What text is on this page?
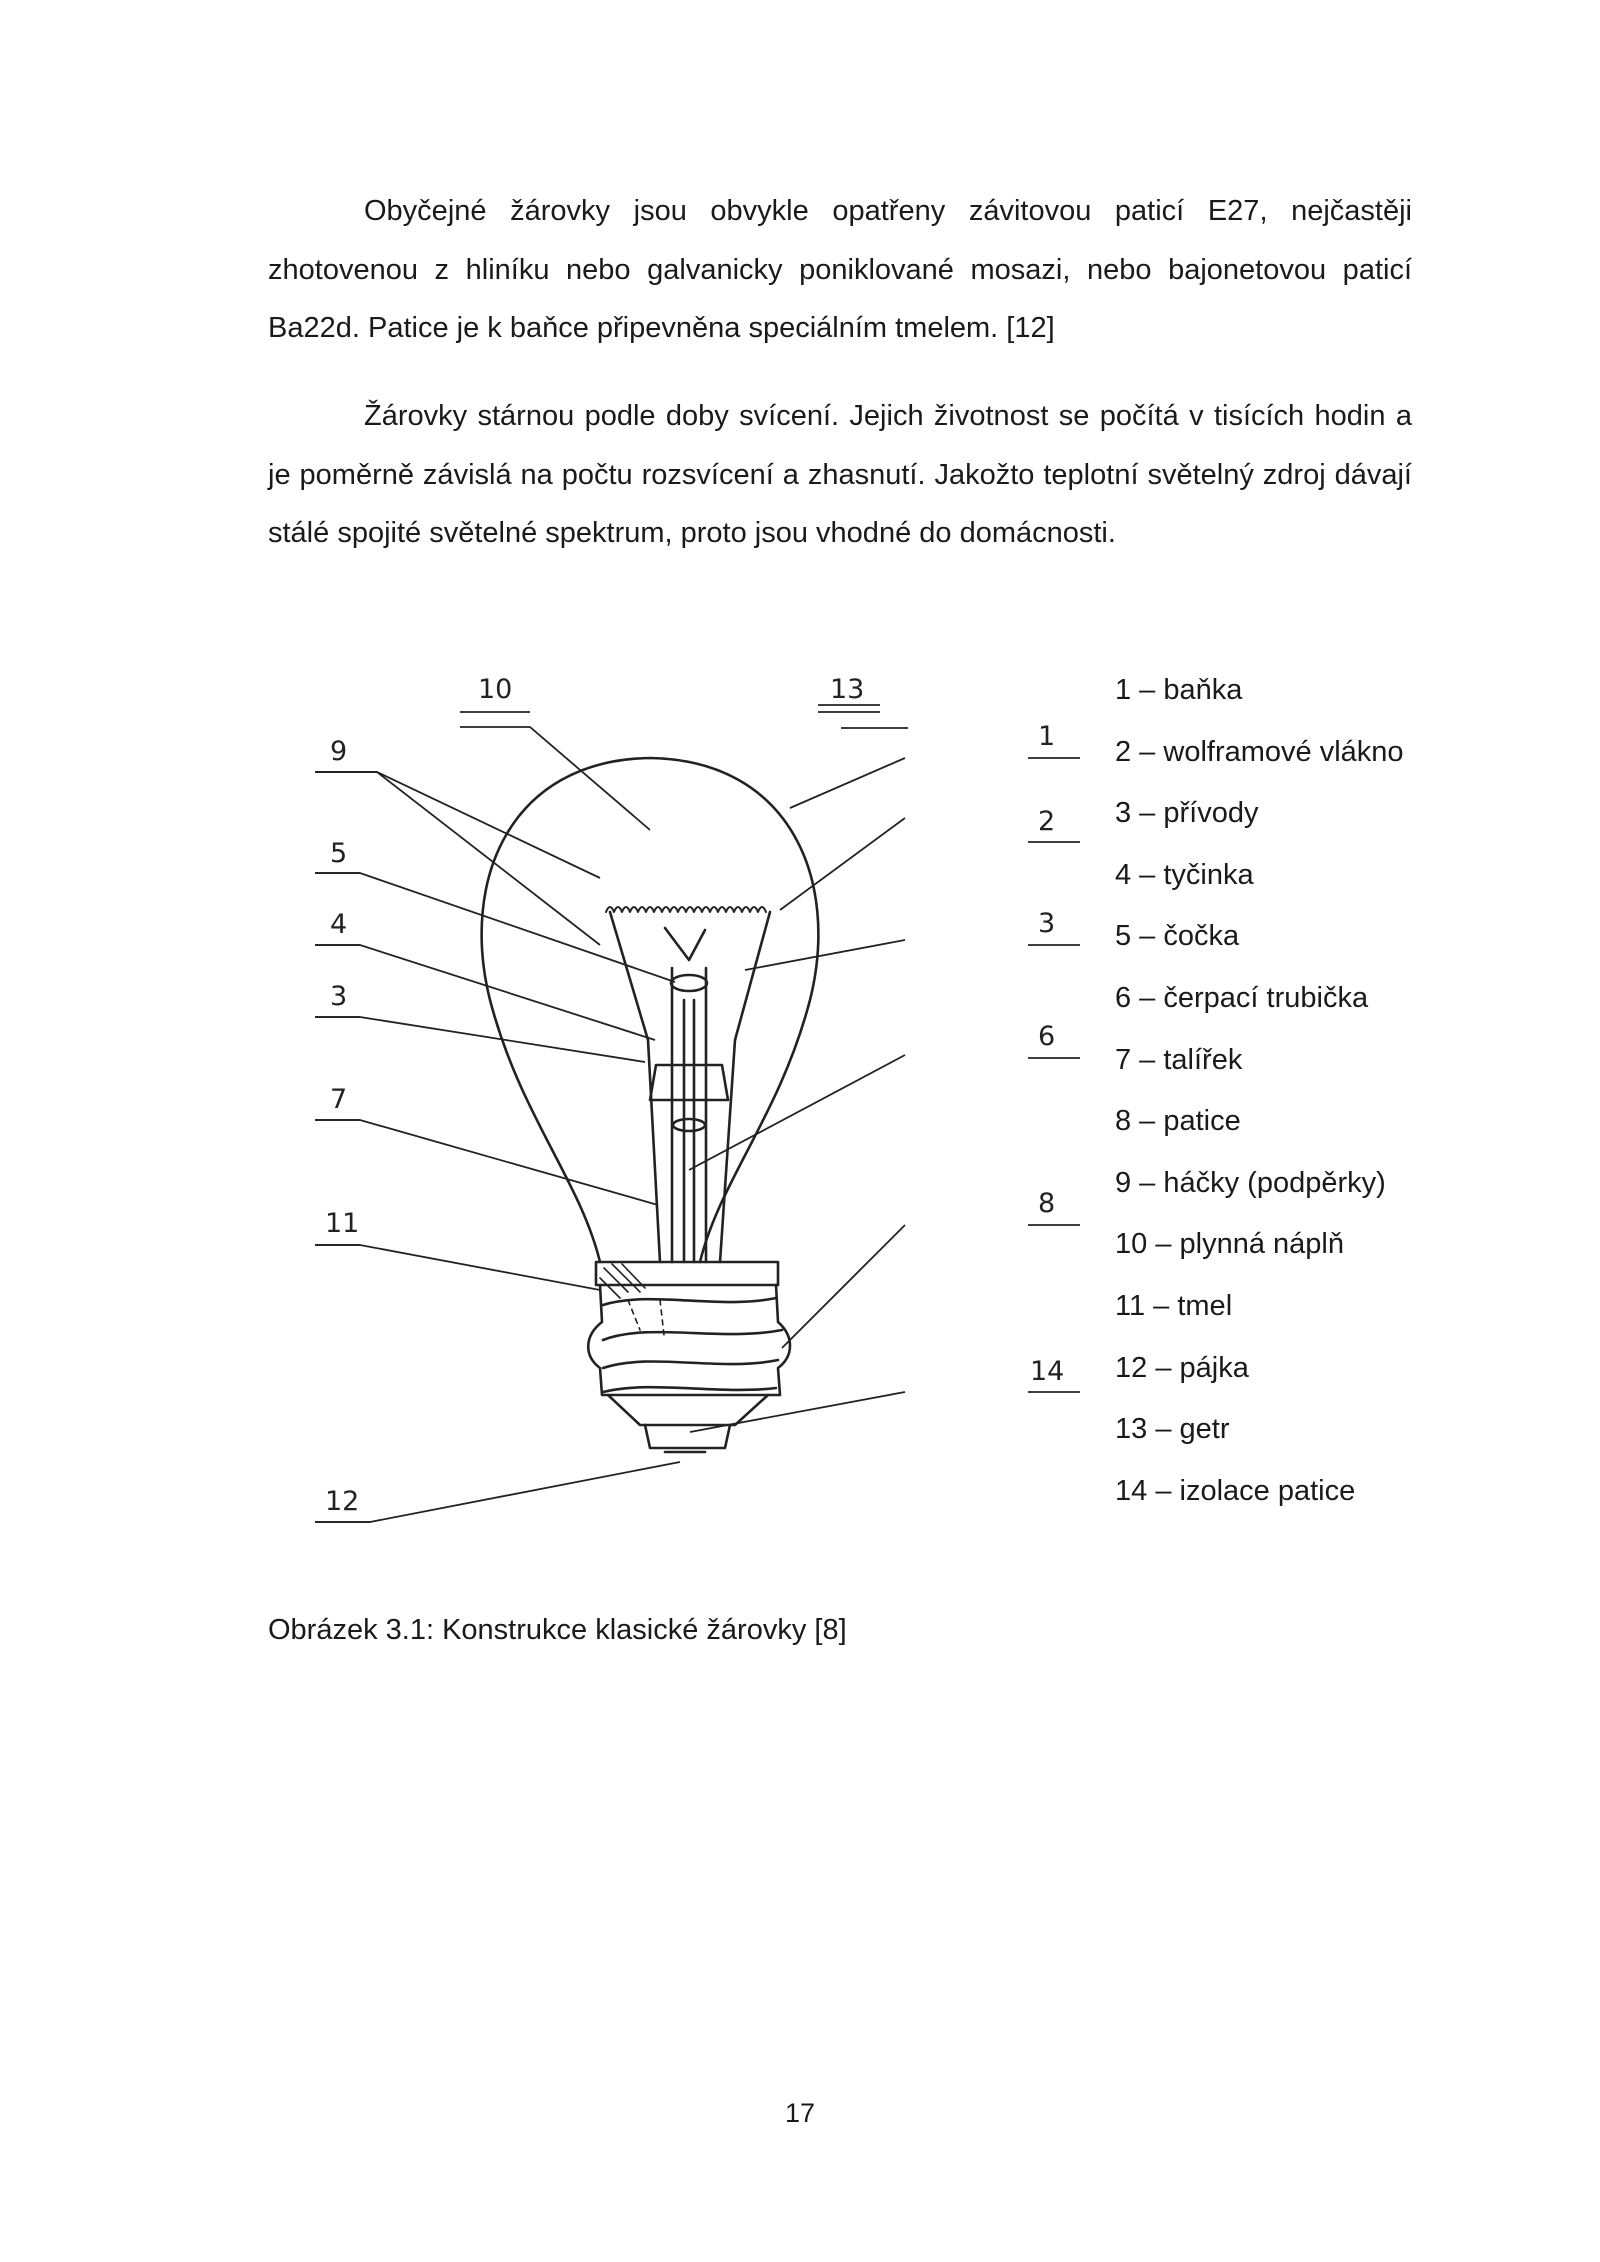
Obyčejné žárovky jsou obvykle opatřeny závitovou paticí E27, nejčastěji zhotovenou z hliníku nebo galvanicky poniklované mosazi, nebo bajonetovou paticí Ba22d. Patice je k baňce připevněna speciálním tmelem. [12]

Žárovky stárnou podle doby svícení. Jejich životnost se počítá v tisících hodin a je poměrně závislá na počtu rozsvícení a zhasnutí. Jakožto teplotní světelný zdroj dávají stálé spojité světelné spektrum, proto jsou vhodné do domácnosti.

10	13
9	1
2
5
3
4
3
6
7
8
11
14
12
1 – baňka
2 – wolframové vlákno
3 – přívody
4 – tyčinka
5 – čočka
6 – čerpací trubička
7 – talířek
8 – patice
9 – háčky (podpěrky)
10 – plynná náplň
11 – tmel
12 – pájka
13 – getr
14 – izolace patice

Obrázek 3.1: Konstrukce klasické žárovky [8]

17
